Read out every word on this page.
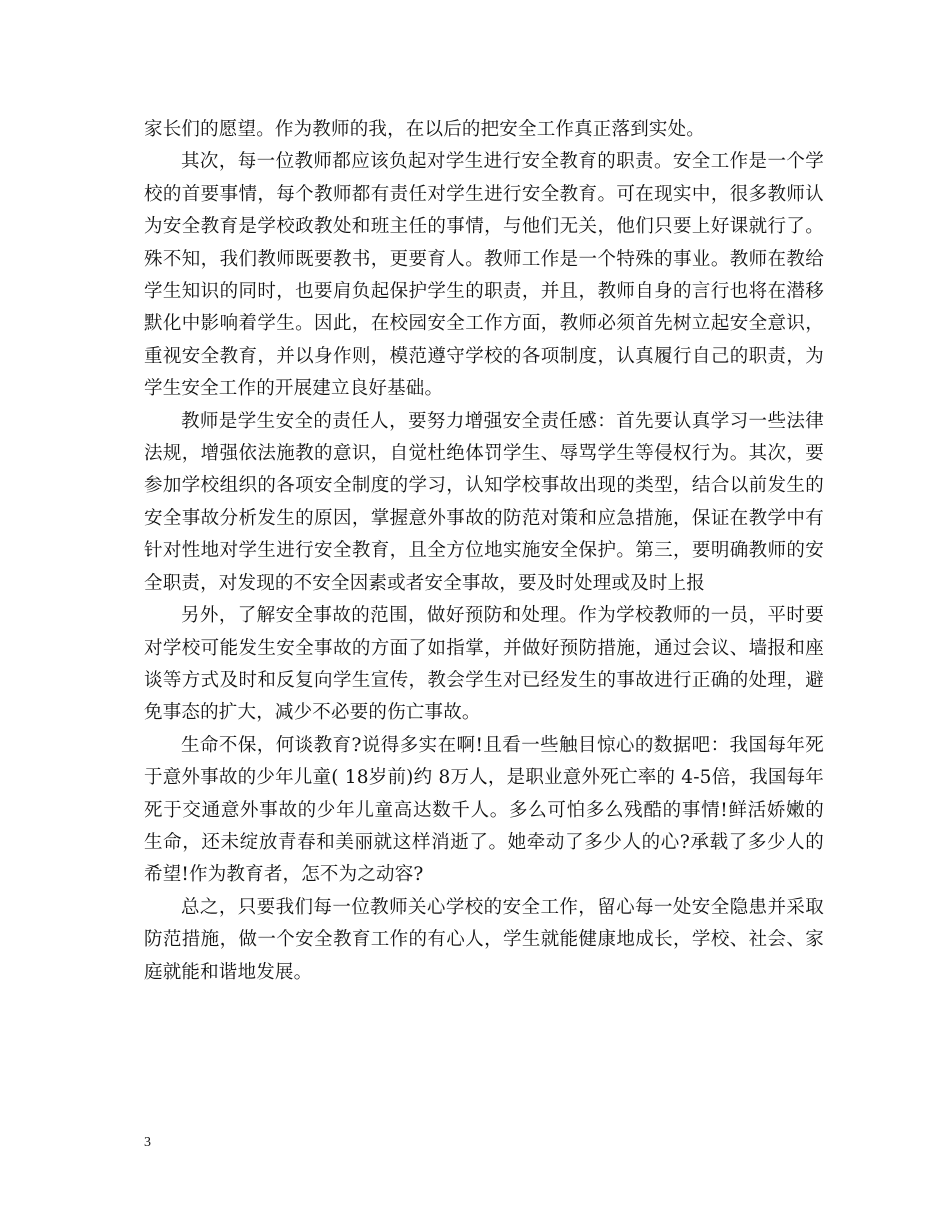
家长们的愿望。作为教师的我，在以后的把安全工作真正落到实处。

其次，每一位教师都应该负起对学生进行安全教育的职责。安全工作是一个学校的首要事情，每个教师都有责任对学生进行安全教育。可在现实中，很多教师认为安全教育是学校政教处和班主任的事情，与他们无关，他们只要上好课就行了。殊不知，我们教师既要教书，更要育人。教师工作是一个特殊的事业。教师在教给学生知识的同时，也要肩负起保护学生的职责，并且，教师自身的言行也将在潜移默化中影响着学生。因此，在校园安全工作方面，教师必须首先树立起安全意识，重视安全教育，并以身作则，模范遵守学校的各项制度，认真履行自己的职责，为学生安全工作的开展建立良好基础。

教师是学生安全的责任人，要努力增强安全责任感：首先要认真学习一些法律法规，增强依法施教的意识，自觉杜绝体罚学生、辱骂学生等侵权行为。其次，要参加学校组织的各项安全制度的学习，认知学校事故出现的类型，结合以前发生的安全事故分析发生的原因，掌握意外事故的防范对策和应急措施，保证在教学中有针对性地对学生进行安全教育，且全方位地实施安全保护。第三，要明确教师的安全职责，对发现的不安全因素或者安全事故，要及时处理或及时上报

另外，了解安全事故的范围，做好预防和处理。作为学校教师的一员，平时要对学校可能发生安全事故的方面了如指掌，并做好预防措施，通过会议、墙报和座谈等方式及时和反复向学生宣传，教会学生对已经发生的事故进行正确的处理，避免事态的扩大，减少不必要的伤亡事故。

生命不保，何谈教育?说得多实在啊!且看一些触目惊心的数据吧：我国每年死于意外事故的少年儿童( 18岁前)约 8万人，是职业意外死亡率的 4-5倍，我国每年死于交通意外事故的少年儿童高达数千人。多么可怕多么残酷的事情!鲜活娇嫩的生命，还未绽放青春和美丽就这样消逝了。她牵动了多少人的心?承载了多少人的希望!作为教育者，怎不为之动容?

总之，只要我们每一位教师关心学校的安全工作，留心每一处安全隐患并采取防范措施，做一个安全教育工作的有心人，学生就能健康地成长，学校、社会、家庭就能和谐地发展。

3
